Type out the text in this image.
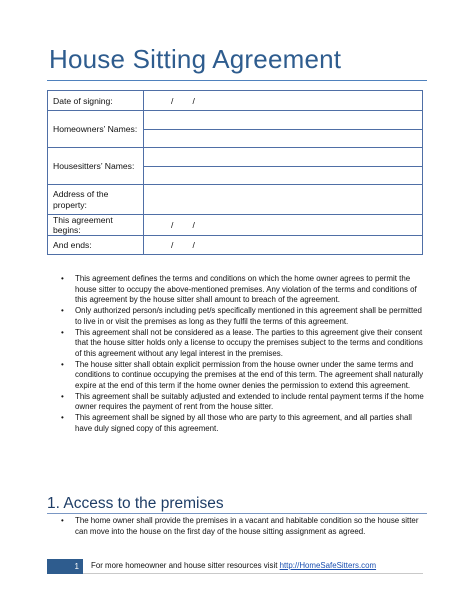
House Sitting Agreement
Date of signing:	/        /
Homeowners’ Names:	

Housesitters’ Names:	

Address of the property:	
This agreement begins:	/        /
And ends:	/        /
• This agreement defines the terms and conditions on which the home owner agrees to permit the house sitter to occupy the above-mentioned premises. Any violation of the terms and conditions of this agreement by the house sitter shall amount to breach of the agreement.
• Only authorized person/s including pet/s specifically mentioned in this agreement shall be permitted to live in or visit the premises as long as they fulfil the terms of this agreement.
• This agreement shall not be considered as a lease. The parties to this agreement give their consent that the house sitter holds only a license to occupy the premises subject to the terms and conditions of this agreement without any legal interest in the premises.
• The house sitter shall obtain explicit permission from the house owner under the same terms and conditions to continue occupying the premises at the end of this term. The agreement shall naturally expire at the end of this term if the home owner denies the permission to extend this agreement.
• This agreement shall be suitably adjusted and extended to include rental payment terms if the home owner requires the payment of rent from the house sitter.
• This agreement shall be signed by all those who are party to this agreement, and all parties shall have duly signed copy of this agreement.
1. Access to the premises
• The home owner shall provide the premises in a vacant and habitable condition so the house sitter can move into the house on the first day of the house sitting assignment as agreed.
1	For more homeowner and house sitter resources visit http://HomeSafeSitters.com
